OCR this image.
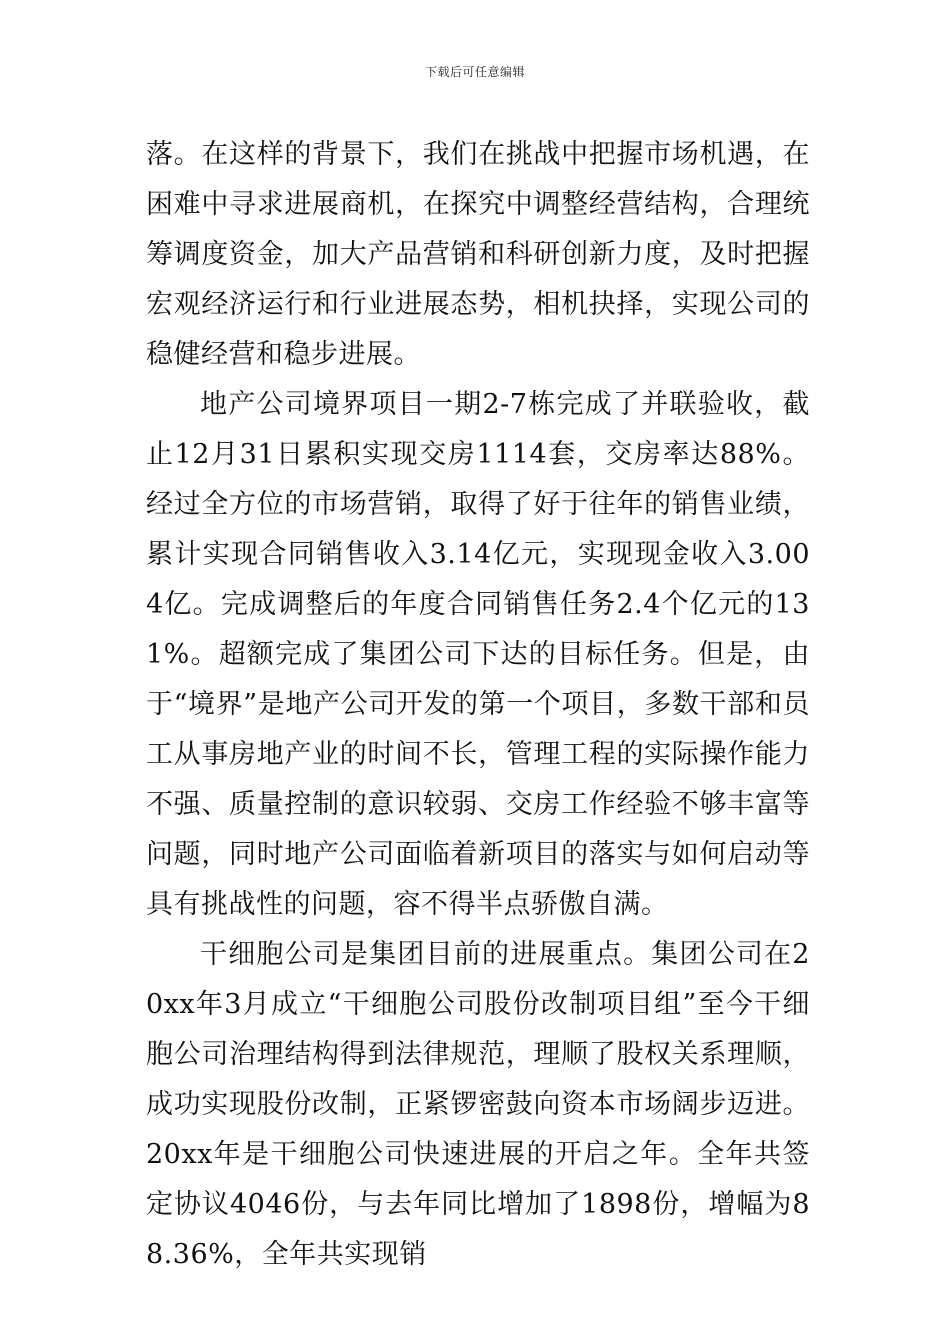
下载后可任意编辑

落。在这样的背景下，我们在挑战中把握市场机遇，在困难中寻求进展商机，在探究中调整经营结构，合理统筹调度资金，加大产品营销和科研创新力度，及时把握宏观经济运行和行业进展态势，相机抉择，实现公司的稳健经营和稳步进展。

地产公司境界项目一期2-7栋完成了并联验收，截止12月31日累积实现交房1114套，交房率达88%。经过全方位的市场营销，取得了好于往年的销售业绩，累计实现合同销售收入3.14亿元，实现现金收入3.004亿。完成调整后的年度合同销售任务2.4个亿元的131%。超额完成了集团公司下达的目标任务。但是，由于“境界”是地产公司开发的第一个项目，多数干部和员工从事房地产业的时间不长，管理工程的实际操作能力不强、质量控制的意识较弱、交房工作经验不够丰富等问题，同时地产公司面临着新项目的落实与如何启动等具有挑战性的问题，容不得半点骄傲自满。

干细胞公司是集团目前的进展重点。集团公司在20xx年3月成立“干细胞公司股份改制项目组”至今干细胞公司治理结构得到法律规范，理顺了股权关系理顺，成功实现股份改制，正紧锣密鼓向资本市场阔步迈进。20xx年是干细胞公司快速进展的开启之年。全年共签定协议4046份，与去年同比增加了1898份，增幅为88.36%，全年共实现销
